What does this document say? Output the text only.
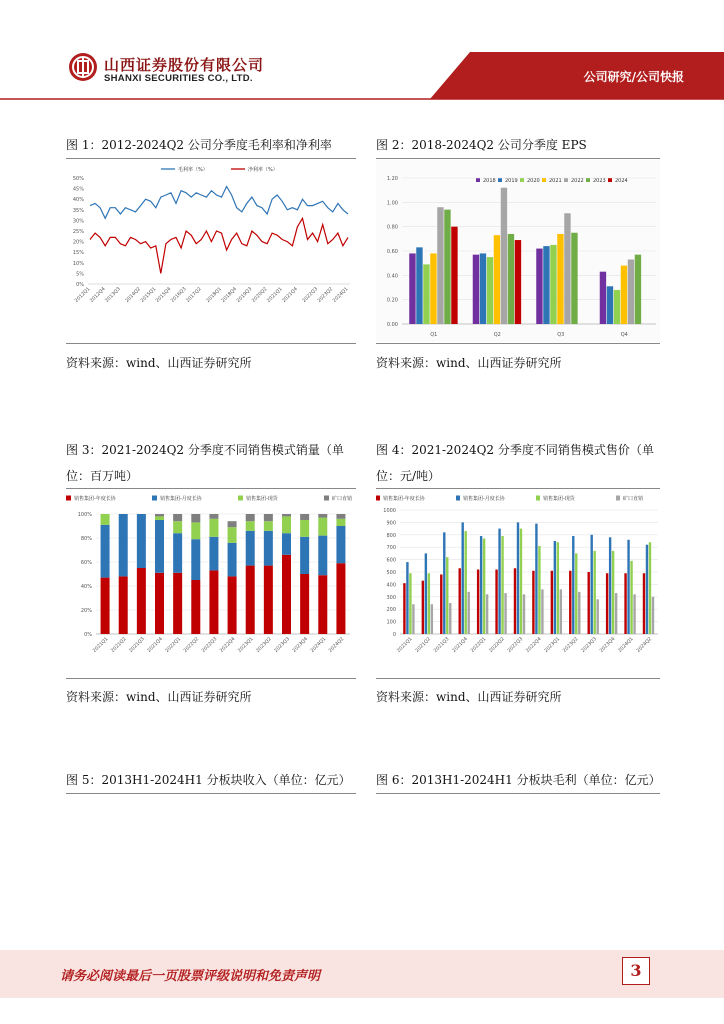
山西证券股份有限公司
SHANXI SECURITIES CO., LTD.	公司研究/公司快报
图 1：2012-2024Q2 公司分季度毛利率和净利率
毛利率（%）	净利率（%）
0%
5%
10%
15%
20%
25%
30%
35%
40%
45%
50%
2012Q1
2012Q4
2013Q3 2014Q2
2015Q1
2015Q4
2016Q3
2017Q2 2018Q1
2018Q4
2019Q3
2020Q2
2021Q1
2021Q4 2022Q3
2023Q2
2024Q1
资料来源：wind、山西证券研究所
图 2：2018-2024Q2 公司分季度 EPS
2018 2019 2020 2021 2022 2023 2024
0.00
0.20
0.40
0.60
0.80
1.00
1.20
Q1	Q2	Q3	Q4
资料来源：wind、山西证券研究所
图 3：2021-2024Q2 分季度不同销售模式销量（单位：百万吨）
销售集团-年度长协	销售集团-月度长协	销售集团-现货	矿口直销
0%
20%
40%
60%
80%
100%
2021Q1 2021Q2 2021Q3 2021Q4 2022Q1 2022Q2 2022Q3 2022Q4 2023Q1 2023Q2 2023Q3 2023Q4 2024Q1 2024Q2
资料来源：wind、山西证券研究所
图 4：2021-2024Q2 分季度不同销售模式售价（单位：元/吨）
销售集团-年度长协	销售集团-月度长协	销售集团-现货	矿口直销
0
100
200
300
400
500
600
700
800
900
1000
2021Q1 2021Q2 2021Q3 2021Q4 2022Q1 2022Q2 2022Q3 2022Q4 2023Q1 2023Q2 2023Q3 2023Q4 2024Q1 2024Q2
资料来源：wind、山西证券研究所
图 5：2013H1-2024H1 分板块收入（单位：亿元）	图 6：2013H1-2024H1 分板块毛利（单位：亿元）
请务必阅读最后一页股票评级说明和免责声明	3
